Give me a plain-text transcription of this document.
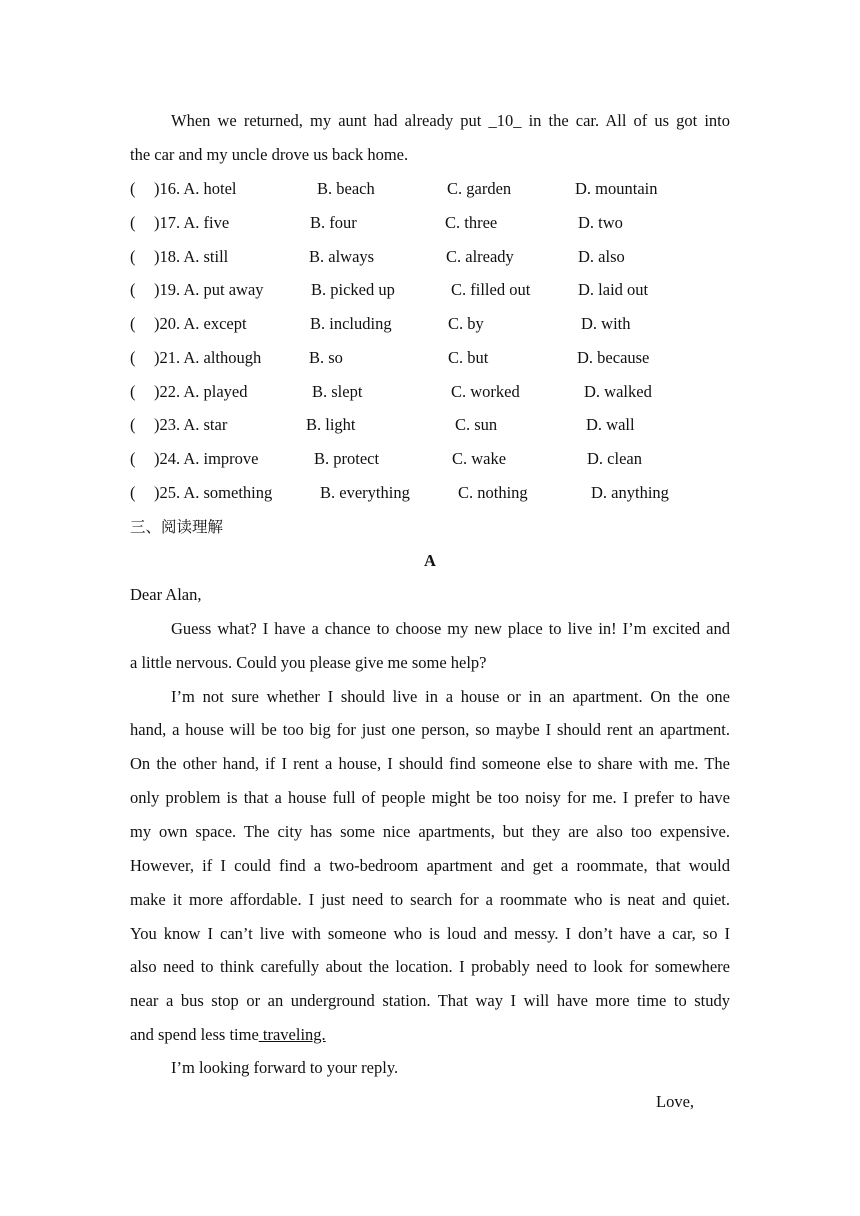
When we returned, my aunt had already put _10_ in the car. All of us got into
the car and my uncle drove us back home.
( )16. A. hotel	B. beach	C. garden	D. mountain
( )17. A. five	B. four	C. three	D. two
( )18. A. still	B. always	C. already	D. also
( )19. A. put away	B. picked up	C. filled out	D. laid out
( )20. A. except	B. including	C. by	D. with
( )21. A. although	B. so	C. but	D. because
( )22. A. played	B. slept	C. worked	D. walked
( )23. A. star	B. light	C. sun	D. wall
( )24. A. improve	B. protect	C. wake	D. clean
( )25. A. something	B. everything	C. nothing	D. anything
三、阅读理解
A
Dear Alan,
Guess what? I have a chance to choose my new place to live in! I’m excited and
a little nervous. Could you please give me some help?
I’m not sure whether I should live in a house or in an apartment. On the one
hand, a house will be too big for just one person, so maybe I should rent an apartment.
On the other hand, if I rent a house, I should find someone else to share with me. The
only problem is that a house full of people might be too noisy for me. I prefer to have
my own space. The city has some nice apartments, but they are also too expensive.
However, if I could find a two-bedroom apartment and get a roommate, that would
make it more affordable. I just need to search for a roommate who is neat and quiet.
You know I can’t live with someone who is loud and messy. I don’t have a car, so I
also need to think carefully about the location. I probably need to look for somewhere
near a bus stop or an underground station. That way I will have more time to study
and spend less time traveling.
I’m looking forward to your reply.
Love,
